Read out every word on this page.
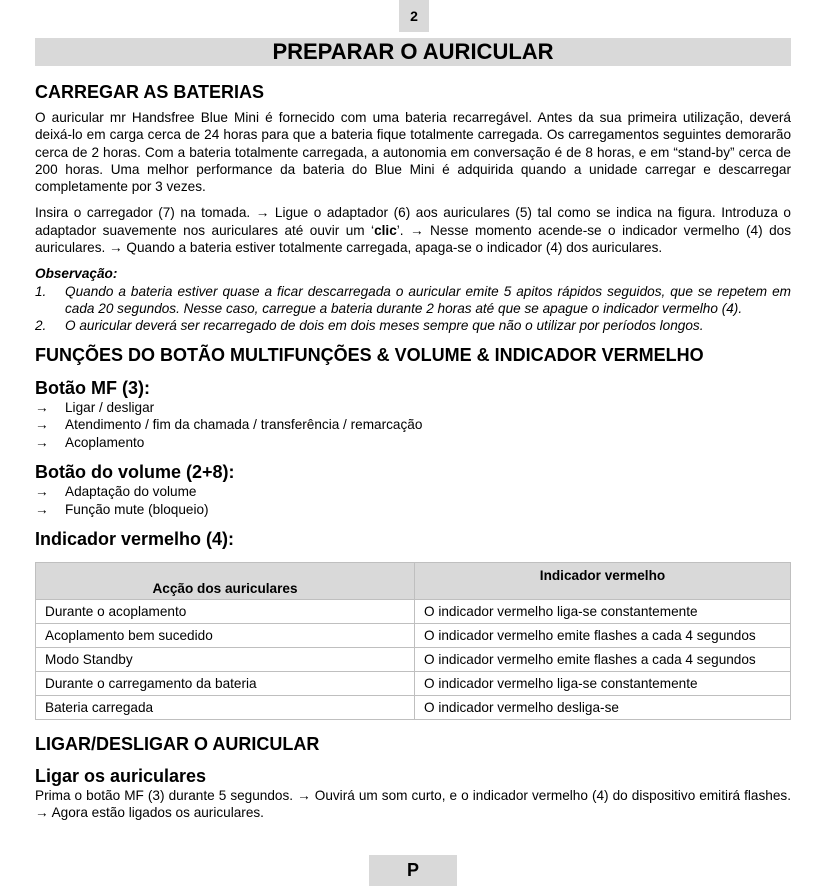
2
PREPARAR O AURICULAR
CARREGAR AS BATERIAS

O auricular mr Handsfree Blue Mini é fornecido com uma bateria recarregável. Antes da sua primeira utilização, deverá deixá-lo em carga cerca de 24 horas para que a bateria fique totalmente carregada. Os carregamentos seguintes demorarão cerca de 2 horas. Com a bateria totalmente carregada, a autonomia em conversação é de 8 horas, e em “stand-by” cerca de 200 horas. Uma melhor performance da bateria do Blue Mini é adquirida quando a unidade carregar e descarregar completamente por 3 vezes.

Insira o carregador (7) na tomada. → Ligue o adaptador (6) aos auriculares (5) tal como se indica na figura. Introduza o adaptador suavemente nos auriculares até ouvir um ‘clic’. → Nesse momento acende-se o indicador vermelho (4) dos auriculares. → Quando a bateria estiver totalmente carregada, apaga-se o indicador (4) dos auriculares.

Observação:
1.	Quando a bateria estiver quase a ficar descarregada o auricular emite 5 apitos rápidos seguidos, que se repetem em cada 20 segundos. Nesse caso, carregue a bateria durante 2 horas até que se apague o indicador vermelho (4).
2.	O auricular deverá ser recarregado de dois em dois meses sempre que não o utilizar por períodos longos.
FUNÇÕES DO BOTÃO MULTIFUNÇÕES & VOLUME & INDICADOR VERMELHO
Botão MF (3):
→	Ligar / desligar
→	Atendimento / fim da chamada / transferência / remarcação
→	Acoplamento
Botão do volume (2+8):
→	Adaptação do volume
→	Função mute (bloqueio)
Indicador vermelho (4):
Acção dos auriculares	Indicador vermelho
Durante o acoplamento	O indicador vermelho liga-se constantemente
Acoplamento bem sucedido	O indicador vermelho emite flashes a cada 4 segundos
Modo Standby	O indicador vermelho emite flashes a cada 4 segundos
Durante o carregamento da bateria	O indicador vermelho liga-se constantemente
Bateria carregada	O indicador vermelho desliga-se
LIGAR/DESLIGAR O AURICULAR
Ligar os auriculares

Prima o botão MF (3) durante 5 segundos. → Ouvirá um som curto, e o indicador vermelho (4) do dispositivo emitirá flashes. → Agora estão ligados os auriculares.

P
